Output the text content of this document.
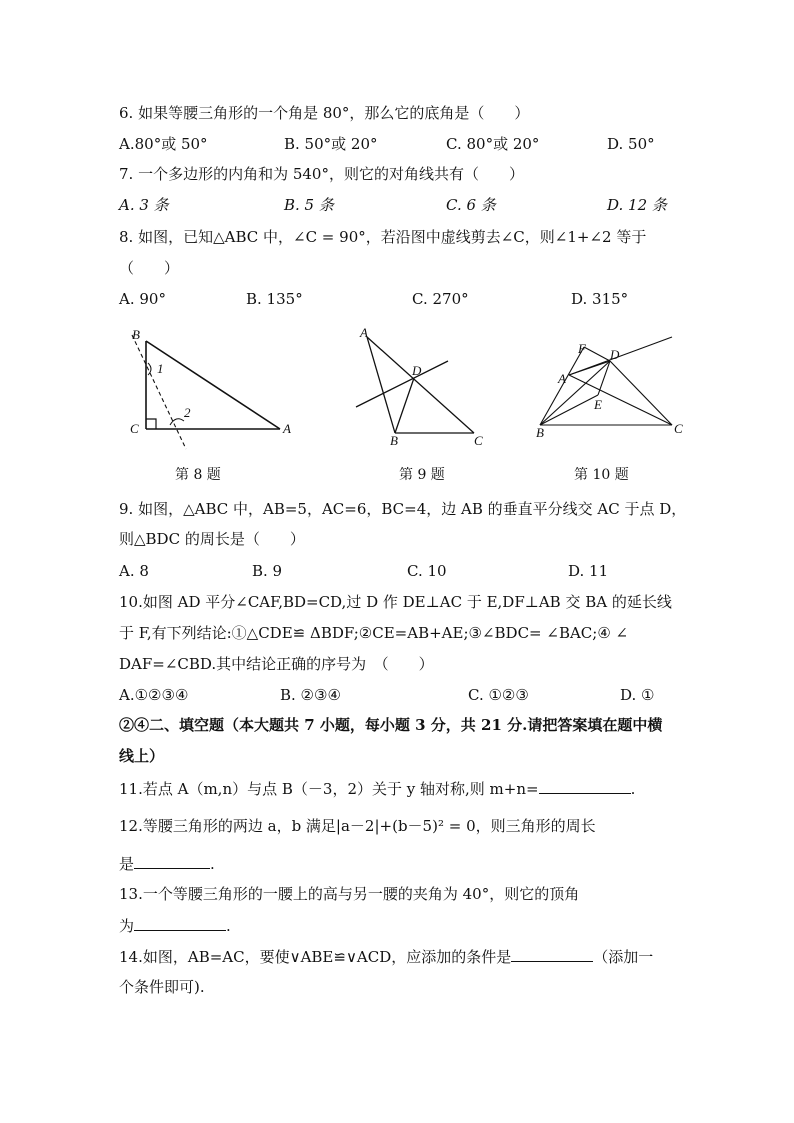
6. 如果等腰三角形的一个角是 80°，那么它的底角是（　　）
A.80°或 50°	B. 50°或 20°	C. 80°或 20°	D. 50°
7. 一个多边形的内角和为 540°，则它的对角线共有（　　）
A. 3 条	B. 5 条	C. 6 条	D. 12 条
8. 如图，已知△ABC 中，∠C = 90°，若沿图中虚线剪去∠C，则∠1+∠2 等于
（　　）
A. 90°	B. 135°	C. 270°	D. 315°
B
C	A
1
2
A
D
B	C
F D
A
E
B	C
第 8 题	第 9 题	第 10 题
9. 如图，△ABC 中，AB=5，AC=6，BC=4，边 AB 的垂直平分线交 AC 于点 D，
则△BDC 的周长是（　　）
A. 8	B. 9	C. 10	D. 11
10.如图 AD 平分∠CAF,BD=CD,过 D 作 DE⊥AC 于 E,DF⊥AB 交 BA 的延长线
于 F,有下列结论:①△CDE≌ ΔBDF;②CE=AB+AE;③∠BDC= ∠BAC;④ ∠
DAF=∠CBD.其中结论正确的序号为　（　　）
A.①②③④	B. ②③④	C. ①②③	D. ①
②④二、填空题（本大题共 7 小题，每小题 3 分，共 21 分.请把答案填在题中横
线上）
11.若点 A（m,n）与点 B（－3，2）关于 y 轴对称,则 m+n=	.
12.等腰三角形的两边 a，b 满足|a－2|+(b－5)² = 0，则三角形的周长
是	.
13.一个等腰三角形的一腰上的高与另一腰的夹角为 40°，则它的顶角
为	.
14.如图，AB=AC，要使∨ABE≌∨ACD，应添加的条件是	（添加一
个条件即可).
